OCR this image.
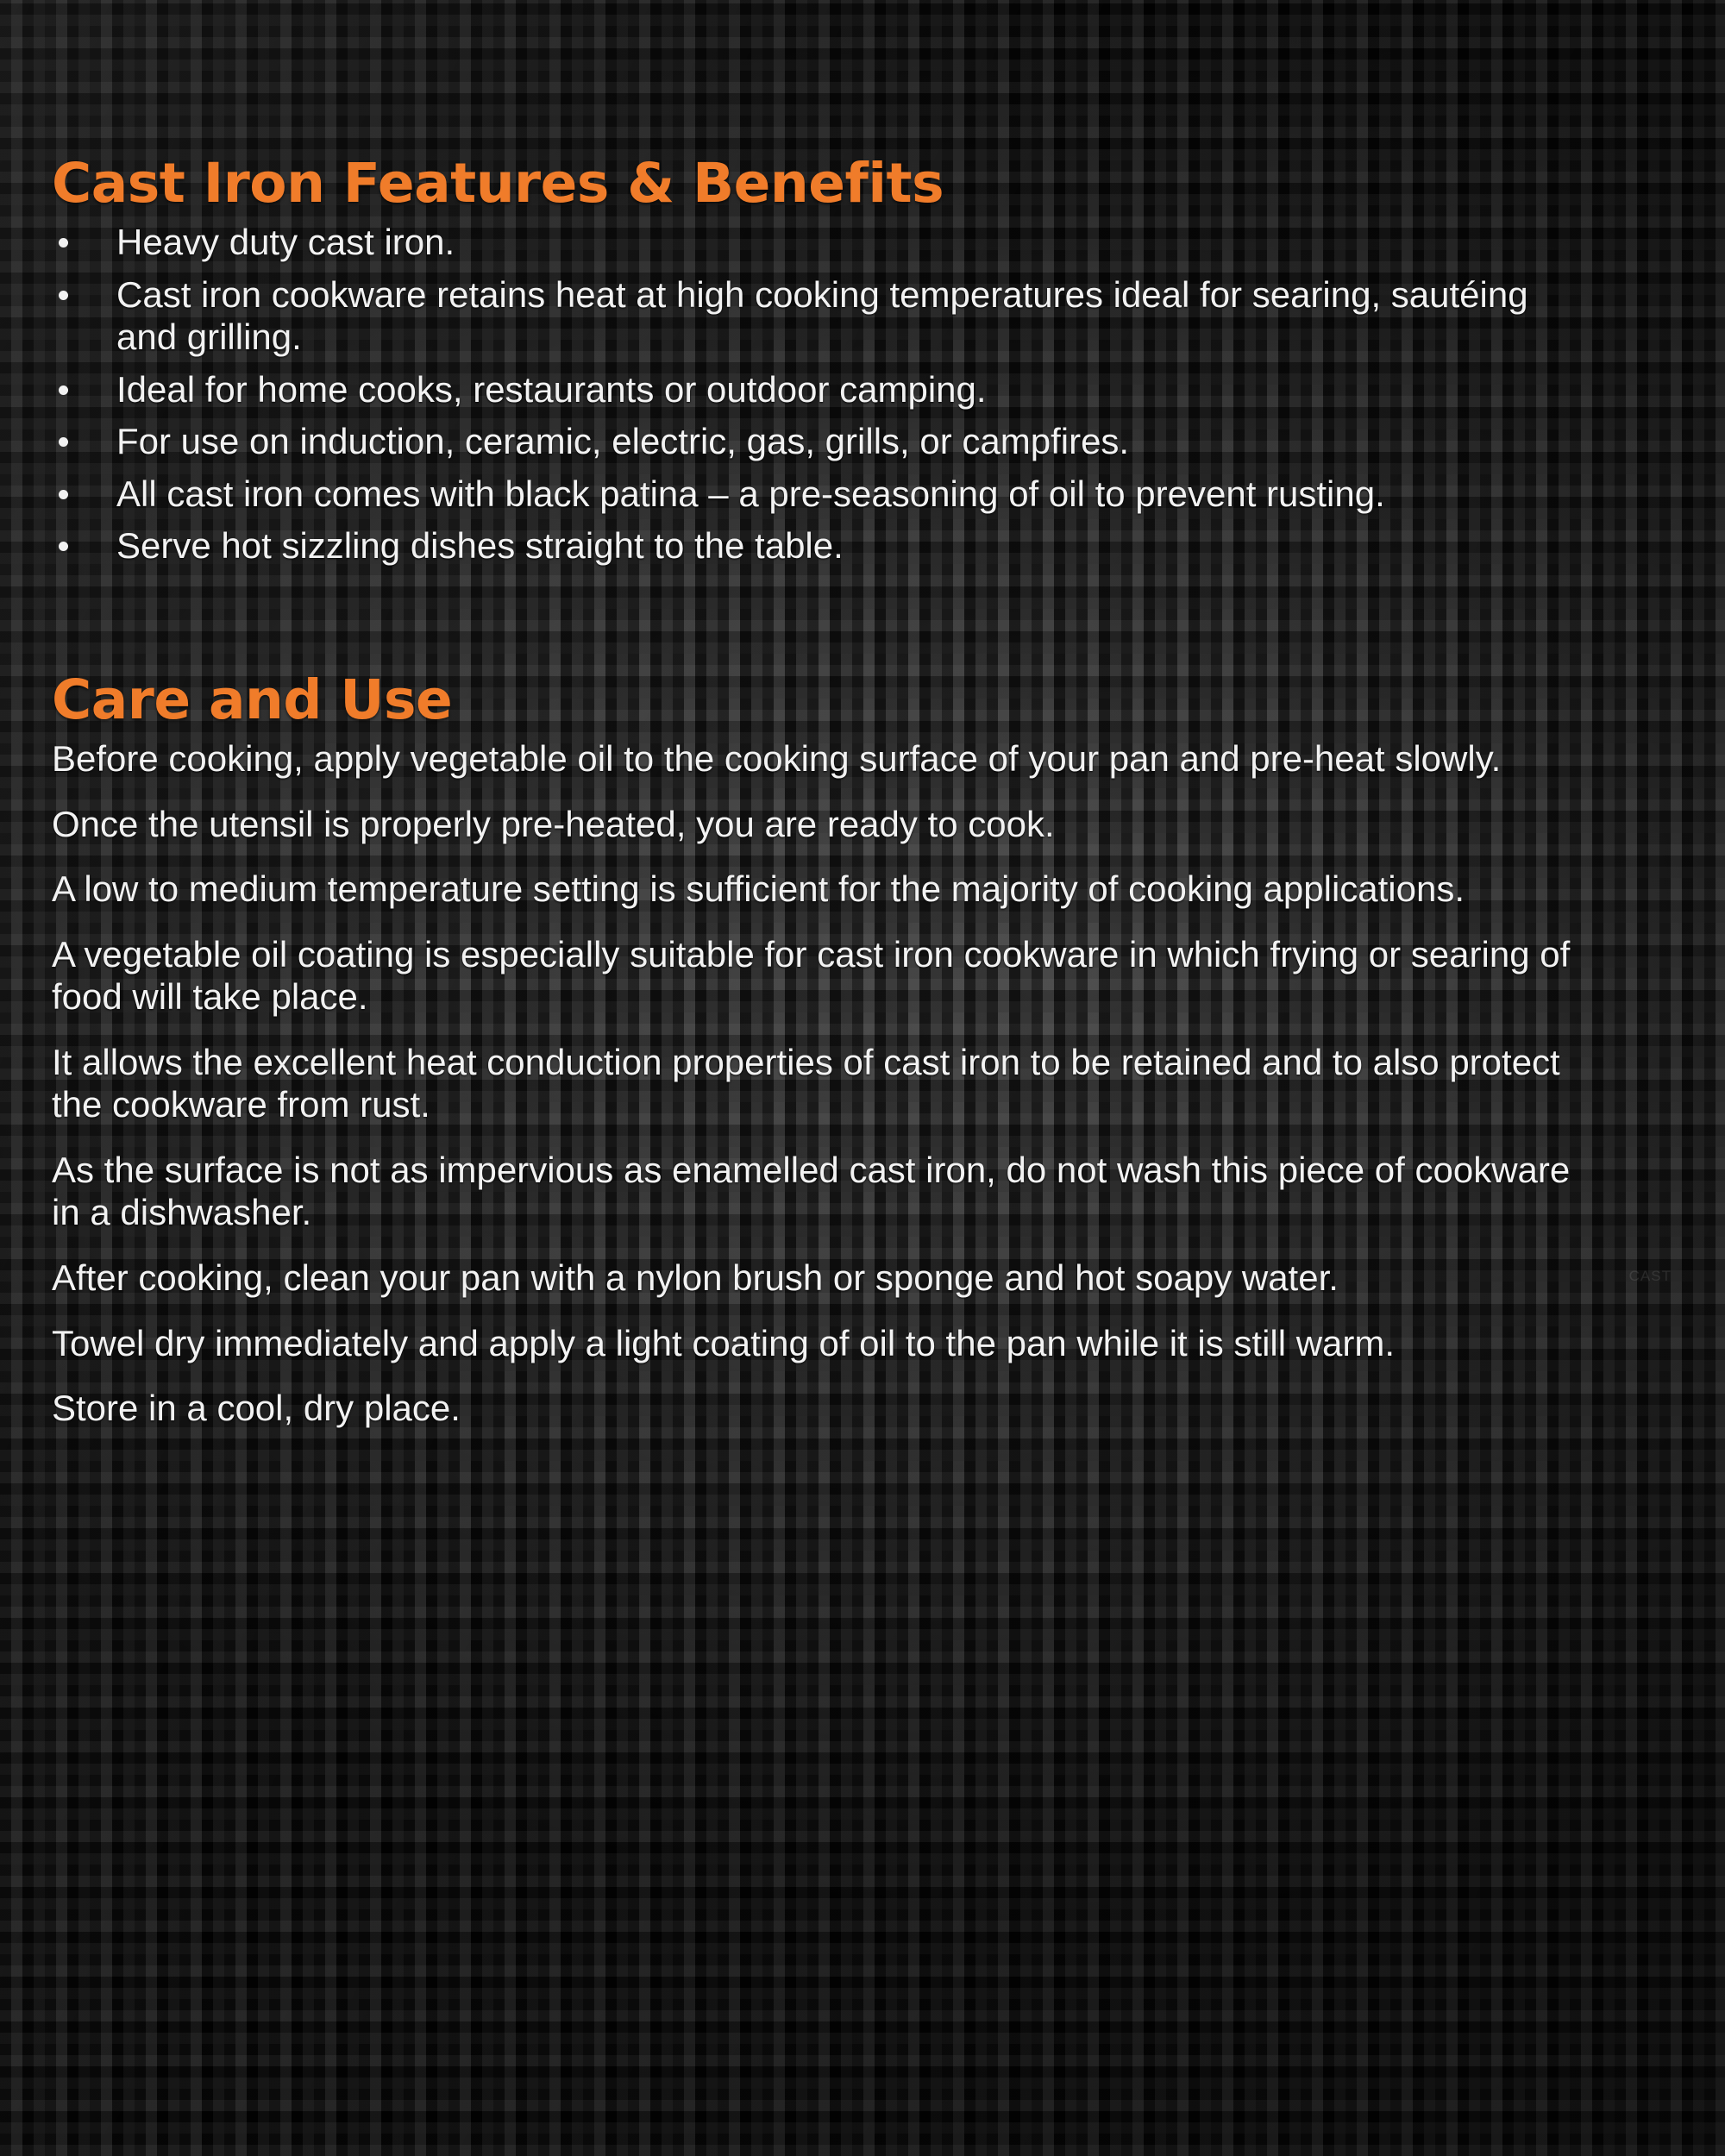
Cast Iron Features & Benefits
Heavy duty cast iron.
Cast iron cookware retains heat at high cooking temperatures ideal for searing, sautéing and grilling.
Ideal for home cooks, restaurants or outdoor camping.
For use on induction, ceramic, electric, gas, grills, or campfires.
All cast iron comes with black patina – a pre-seasoning of oil to prevent rusting.
Serve hot sizzling dishes straight to the table.
Care and Use
Before cooking, apply vegetable oil to the cooking surface of your pan and pre-heat slowly.
Once the utensil is properly pre-heated, you are ready to cook.
A low to medium temperature setting is sufficient for the majority of cooking applications.
A vegetable oil coating is especially suitable for cast iron cookware in which frying or searing of food will take place.
It allows the excellent heat conduction properties of cast iron to be retained and to also protect the cookware from rust.
As the surface is not as impervious as enamelled cast iron, do not wash this piece of cookware in a dishwasher.
After cooking, clean your pan with a nylon brush or sponge and hot soapy water.
Towel dry immediately and apply a light coating of oil to the pan while it is still warm.
Store in a cool, dry place.
CAST
